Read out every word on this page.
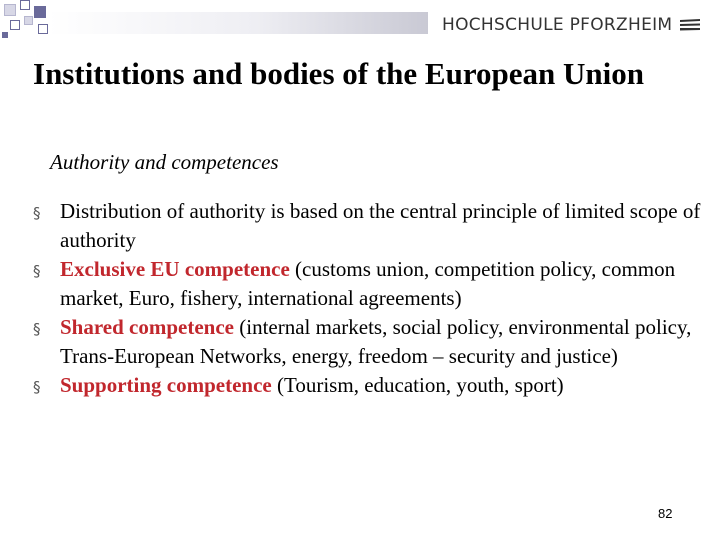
HOCHSCHULE PFORZHEIM
Institutions and bodies of the European Union

Authority and competences

§ Distribution of authority is based on the central principle of limited scope of authority
§ Exclusive EU competence (customs union, competition policy, common market, Euro, fishery, international agreements)
§ Shared competence (internal markets, social policy, environmental policy, Trans-European Networks, energy, freedom – security and justice)
§ Supporting competence (Tourism, education, youth, sport)
82
